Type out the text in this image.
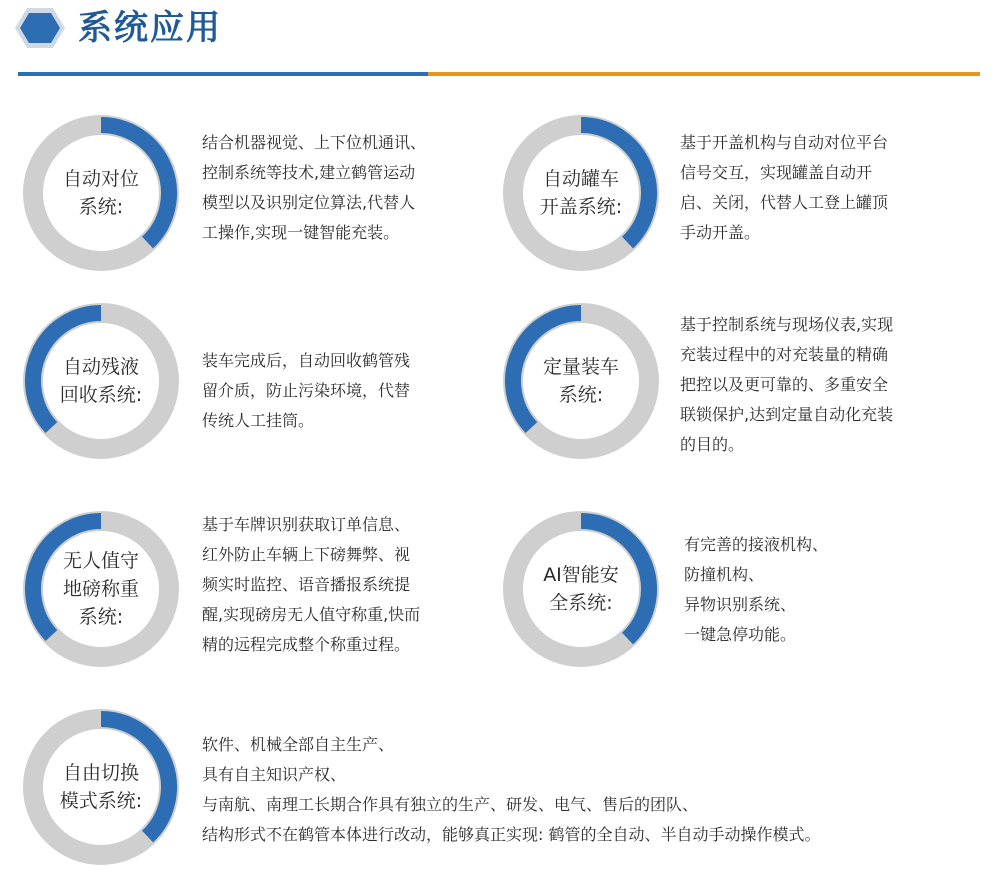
系统应用
自动对位
系统:
结合机器视觉、上下位机通讯、
控制系统等技术,建立鹤管运动
模型以及识别定位算法,代替人
工操作,实现一键智能充装。
自动罐车
开盖系统:
基于开盖机构与自动对位平台
信号交互，实现罐盖自动开
启、关闭，代替人工登上罐顶
手动开盖。
自动残液
回收系统:
装车完成后，自动回收鹤管残
留介质，防止污染环境，代替
传统人工挂筒。
定量装车
系统:
基于控制系统与现场仪表,实现
充装过程中的对充装量的精确
把控以及更可靠的、多重安全
联锁保护,达到定量自动化充装
的目的。
无人值守
地磅称重
系统:
基于车牌识别获取订单信息、
红外防止车辆上下磅舞弊、视
频实时监控、语音播报系统提
醒,实现磅房无人值守称重,快而
精的远程完成整个称重过程。
AI智能安
全系统:
有完善的接液机构、
防撞机构、
异物识别系统、
一键急停功能。
自由切换
模式系统:
软件、机械全部自主生产、
具有自主知识产权、
与南航、南理工长期合作具有独立的生产、研发、电气、售后的团队、
结构形式不在鹤管本体进行改动，能够真正实现: 鹤管的全自动、半自动手动操作模式。
